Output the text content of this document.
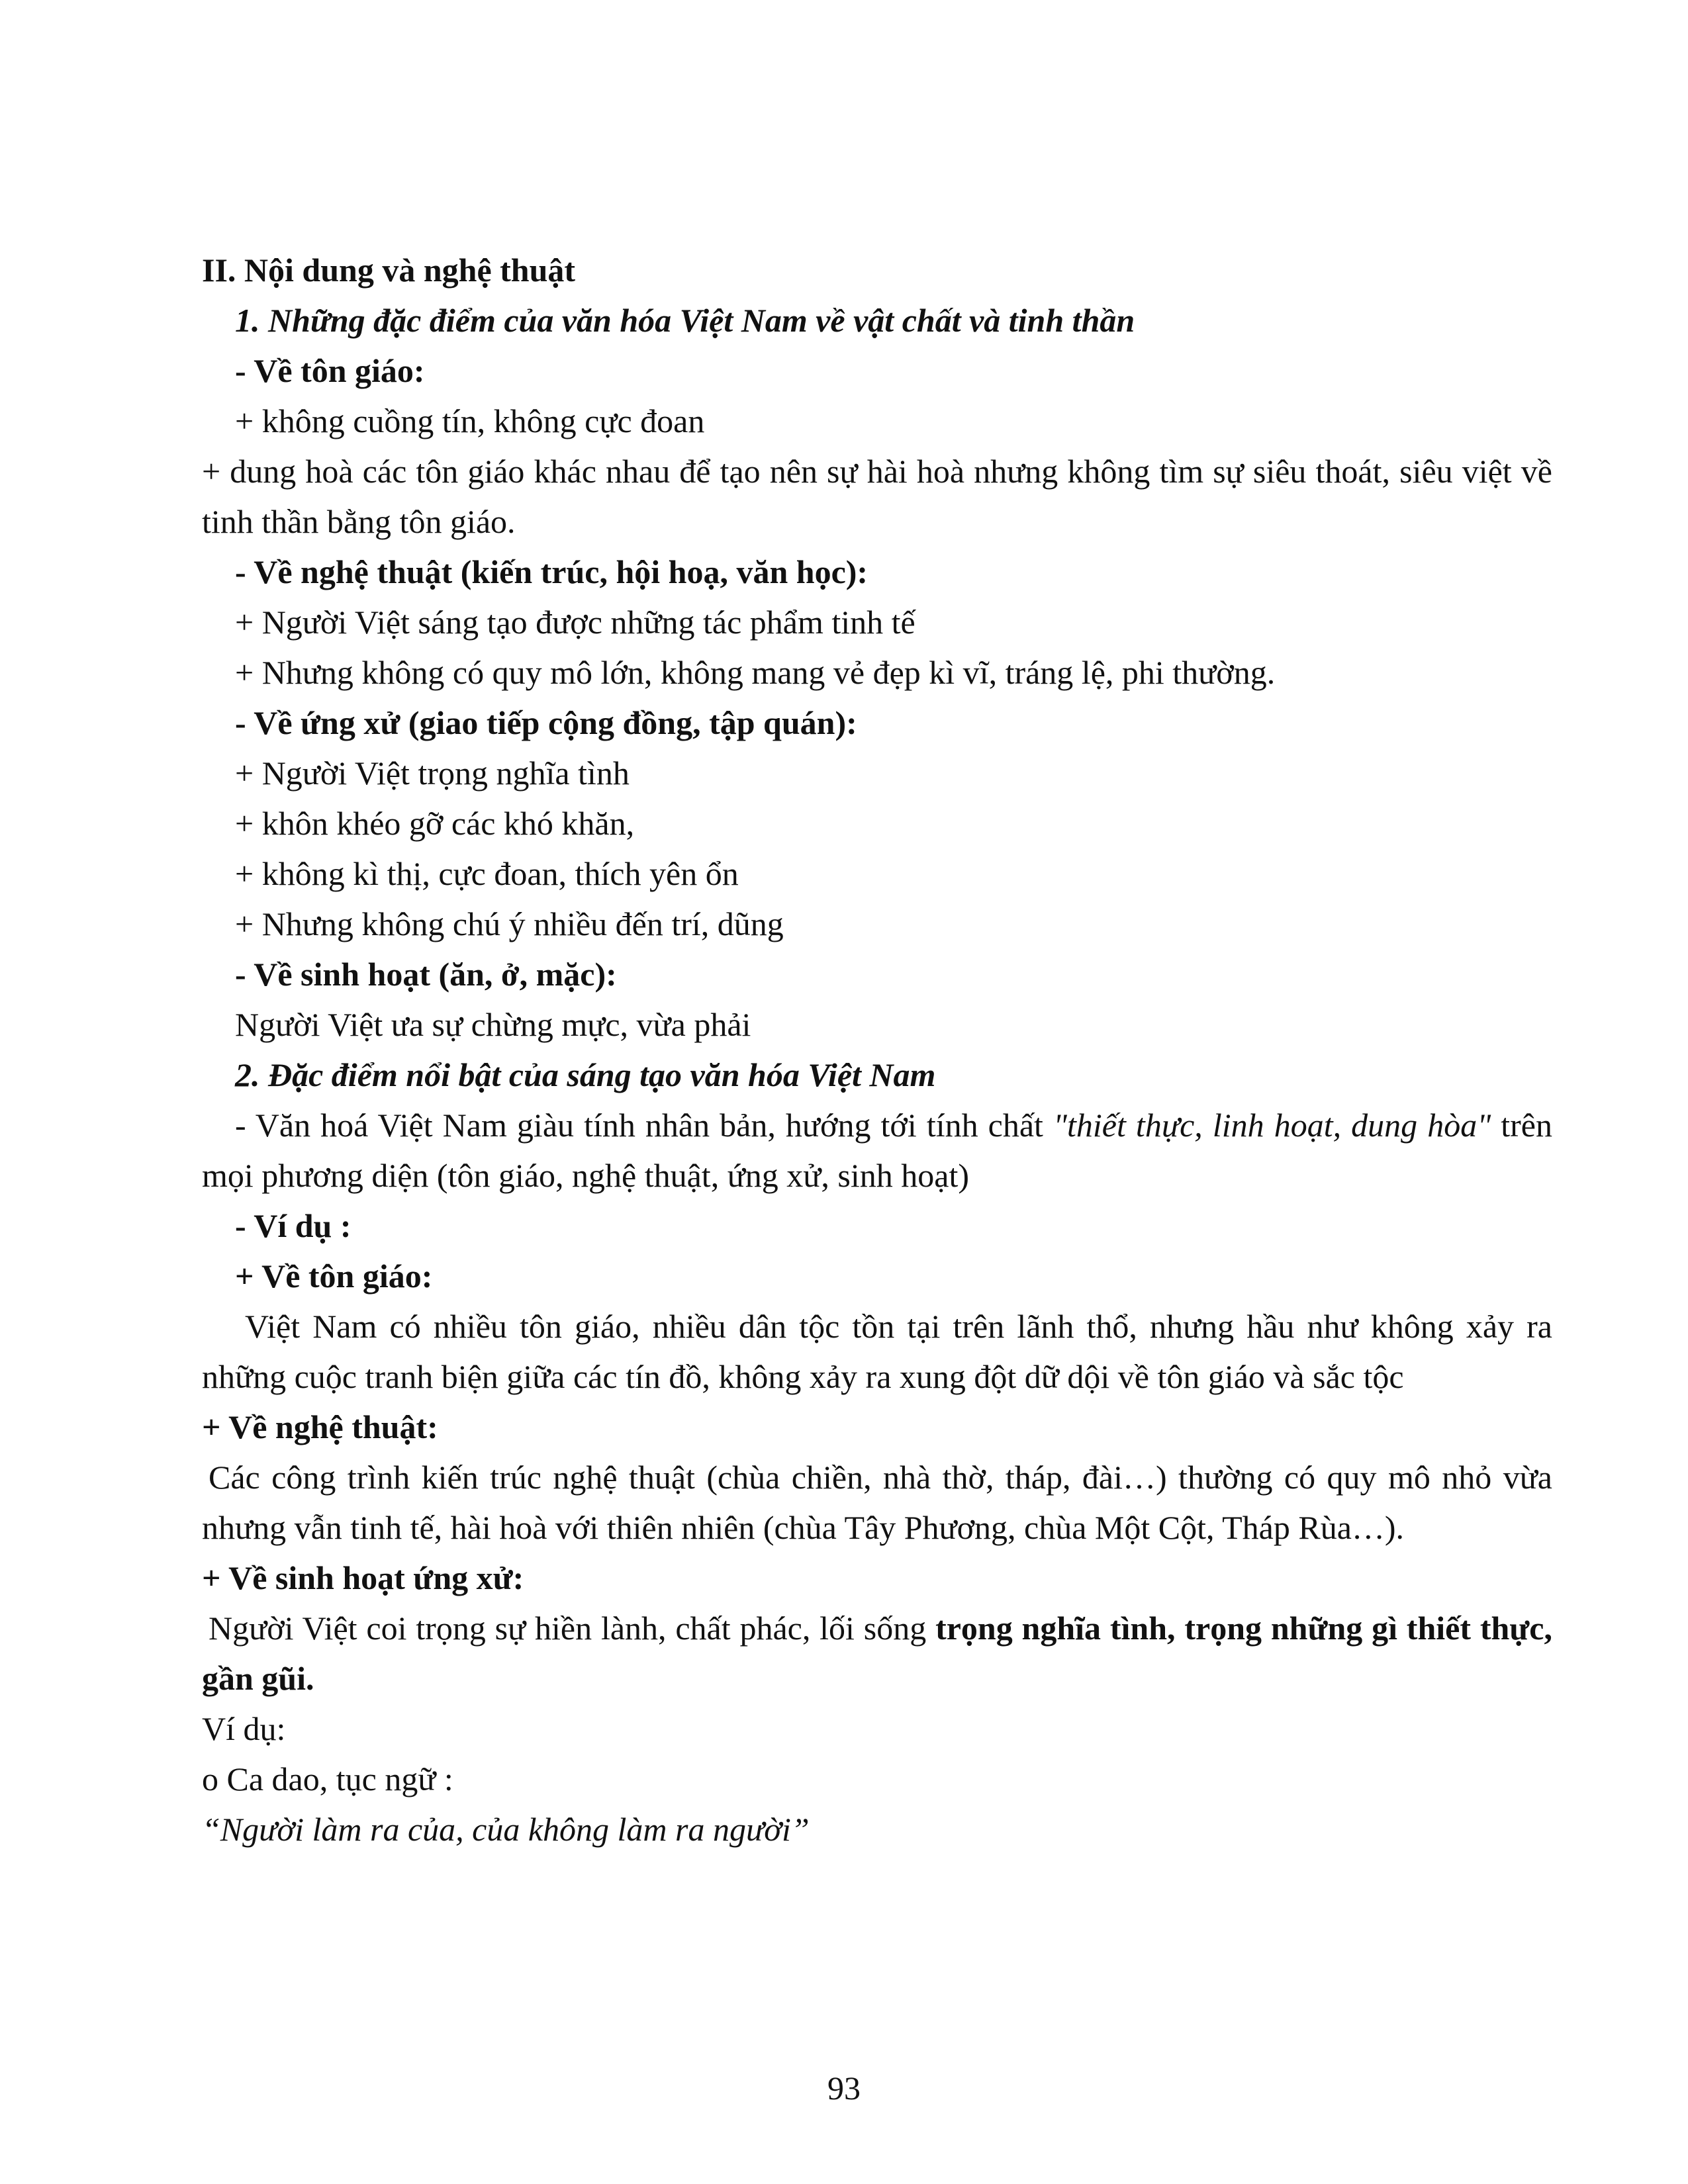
II. Nội dung và nghệ thuật
1. Những đặc điểm của văn hóa Việt Nam về vật chất và tinh thần
- Về tôn giáo:
+ không cuồng tín, không cực đoan
+ dung hoà các tôn giáo khác nhau để tạo nên sự hài hoà nhưng không tìm sự siêu thoát, siêu việt về tinh thần bằng tôn giáo.
- Về nghệ thuật (kiến trúc, hội hoạ, văn học):
+ Người Việt sáng tạo được những tác phẩm tinh tế
+ Nhưng không có quy mô lớn, không mang vẻ đẹp kì vĩ, tráng lệ, phi thường.
- Về ứng xử (giao tiếp cộng đồng, tập quán):
+ Người Việt trọng nghĩa tình
+ khôn khéo gỡ các khó khăn,
+ không kì thị, cực đoan, thích yên ổn
+ Nhưng không chú ý nhiều đến trí, dũng
- Về sinh hoạt (ăn, ở, mặc):
Người Việt ưa sự chừng mực, vừa phải
2. Đặc điểm nổi bật của sáng tạo văn hóa Việt Nam
- Văn hoá Việt Nam giàu tính nhân bản, hướng tới tính chất "thiết thực, linh hoạt, dung hòa" trên mọi phương diện (tôn giáo, nghệ thuật, ứng xử, sinh hoạt)
- Ví dụ :
+ Về tôn giáo:
Việt Nam có nhiều tôn giáo, nhiều dân tộc tồn tại trên lãnh thổ, nhưng hầu như không xảy ra những cuộc tranh biện giữa các tín đồ, không xảy ra xung đột dữ dội về tôn giáo và sắc tộc
+ Về nghệ thuật:
Các công trình kiến trúc nghệ thuật (chùa chiền, nhà thờ, tháp, đài…) thường có quy mô nhỏ vừa nhưng vẫn tinh tế, hài hoà với thiên nhiên (chùa Tây Phương, chùa Một Cột, Tháp Rùa…).
+ Về sinh hoạt ứng xử:
Người Việt coi trọng sự hiền lành, chất phác, lối sống trọng nghĩa tình, trọng những gì thiết thực, gần gũi.
Ví dụ:
o Ca dao, tục ngữ :
“Người làm ra của, của không làm ra người”
93
